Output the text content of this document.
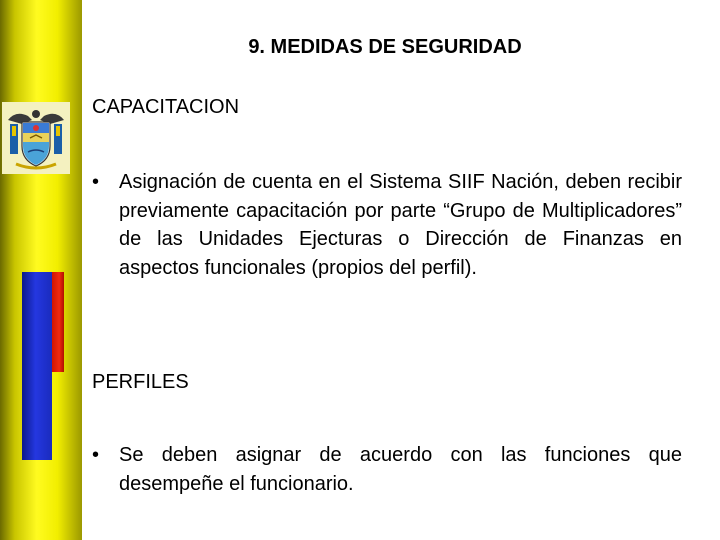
9. MEDIDAS DE SEGURIDAD
CAPACITACION
• Asignación de cuenta en el Sistema SIIF Nación, deben recibir previamente capacitación por parte “Grupo de Multiplicadores” de las Unidades Ejecturas o Dirección de Finanzas en aspectos funcionales (propios del perfil).
PERFILES
• Se deben asignar de acuerdo con las funciones que desempeñe el funcionario.
